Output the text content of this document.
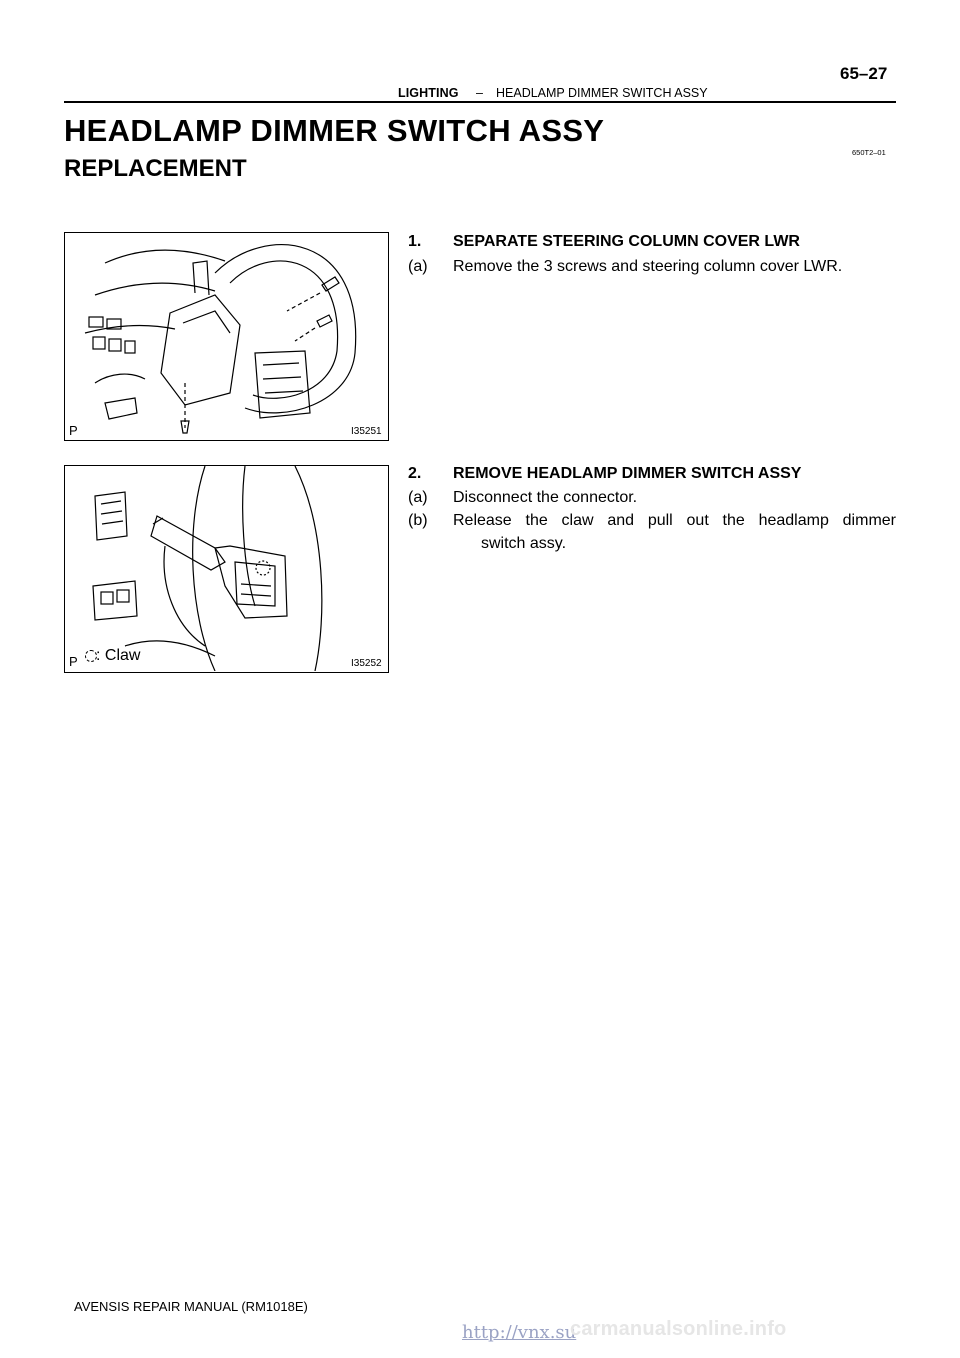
LIGHTING – HEADLAMP DIMMER SWITCH ASSY
65–27
HEADLAMP DIMMER SWITCH ASSY
REPLACEMENT
650T2–01
P	I35251
P : Claw	I35252
1. SEPARATE STEERING COLUMN COVER LWR
(a) Remove the 3 screws and steering column cover LWR.
2. REMOVE HEADLAMP DIMMER SWITCH ASSY
(a) Disconnect the connector.
(b) Release the claw and pull out the headlamp dimmer
switch assy.
AVENSIS REPAIR MANUAL (RM1018E)
http://vnx.su
carmanualsonline.info
